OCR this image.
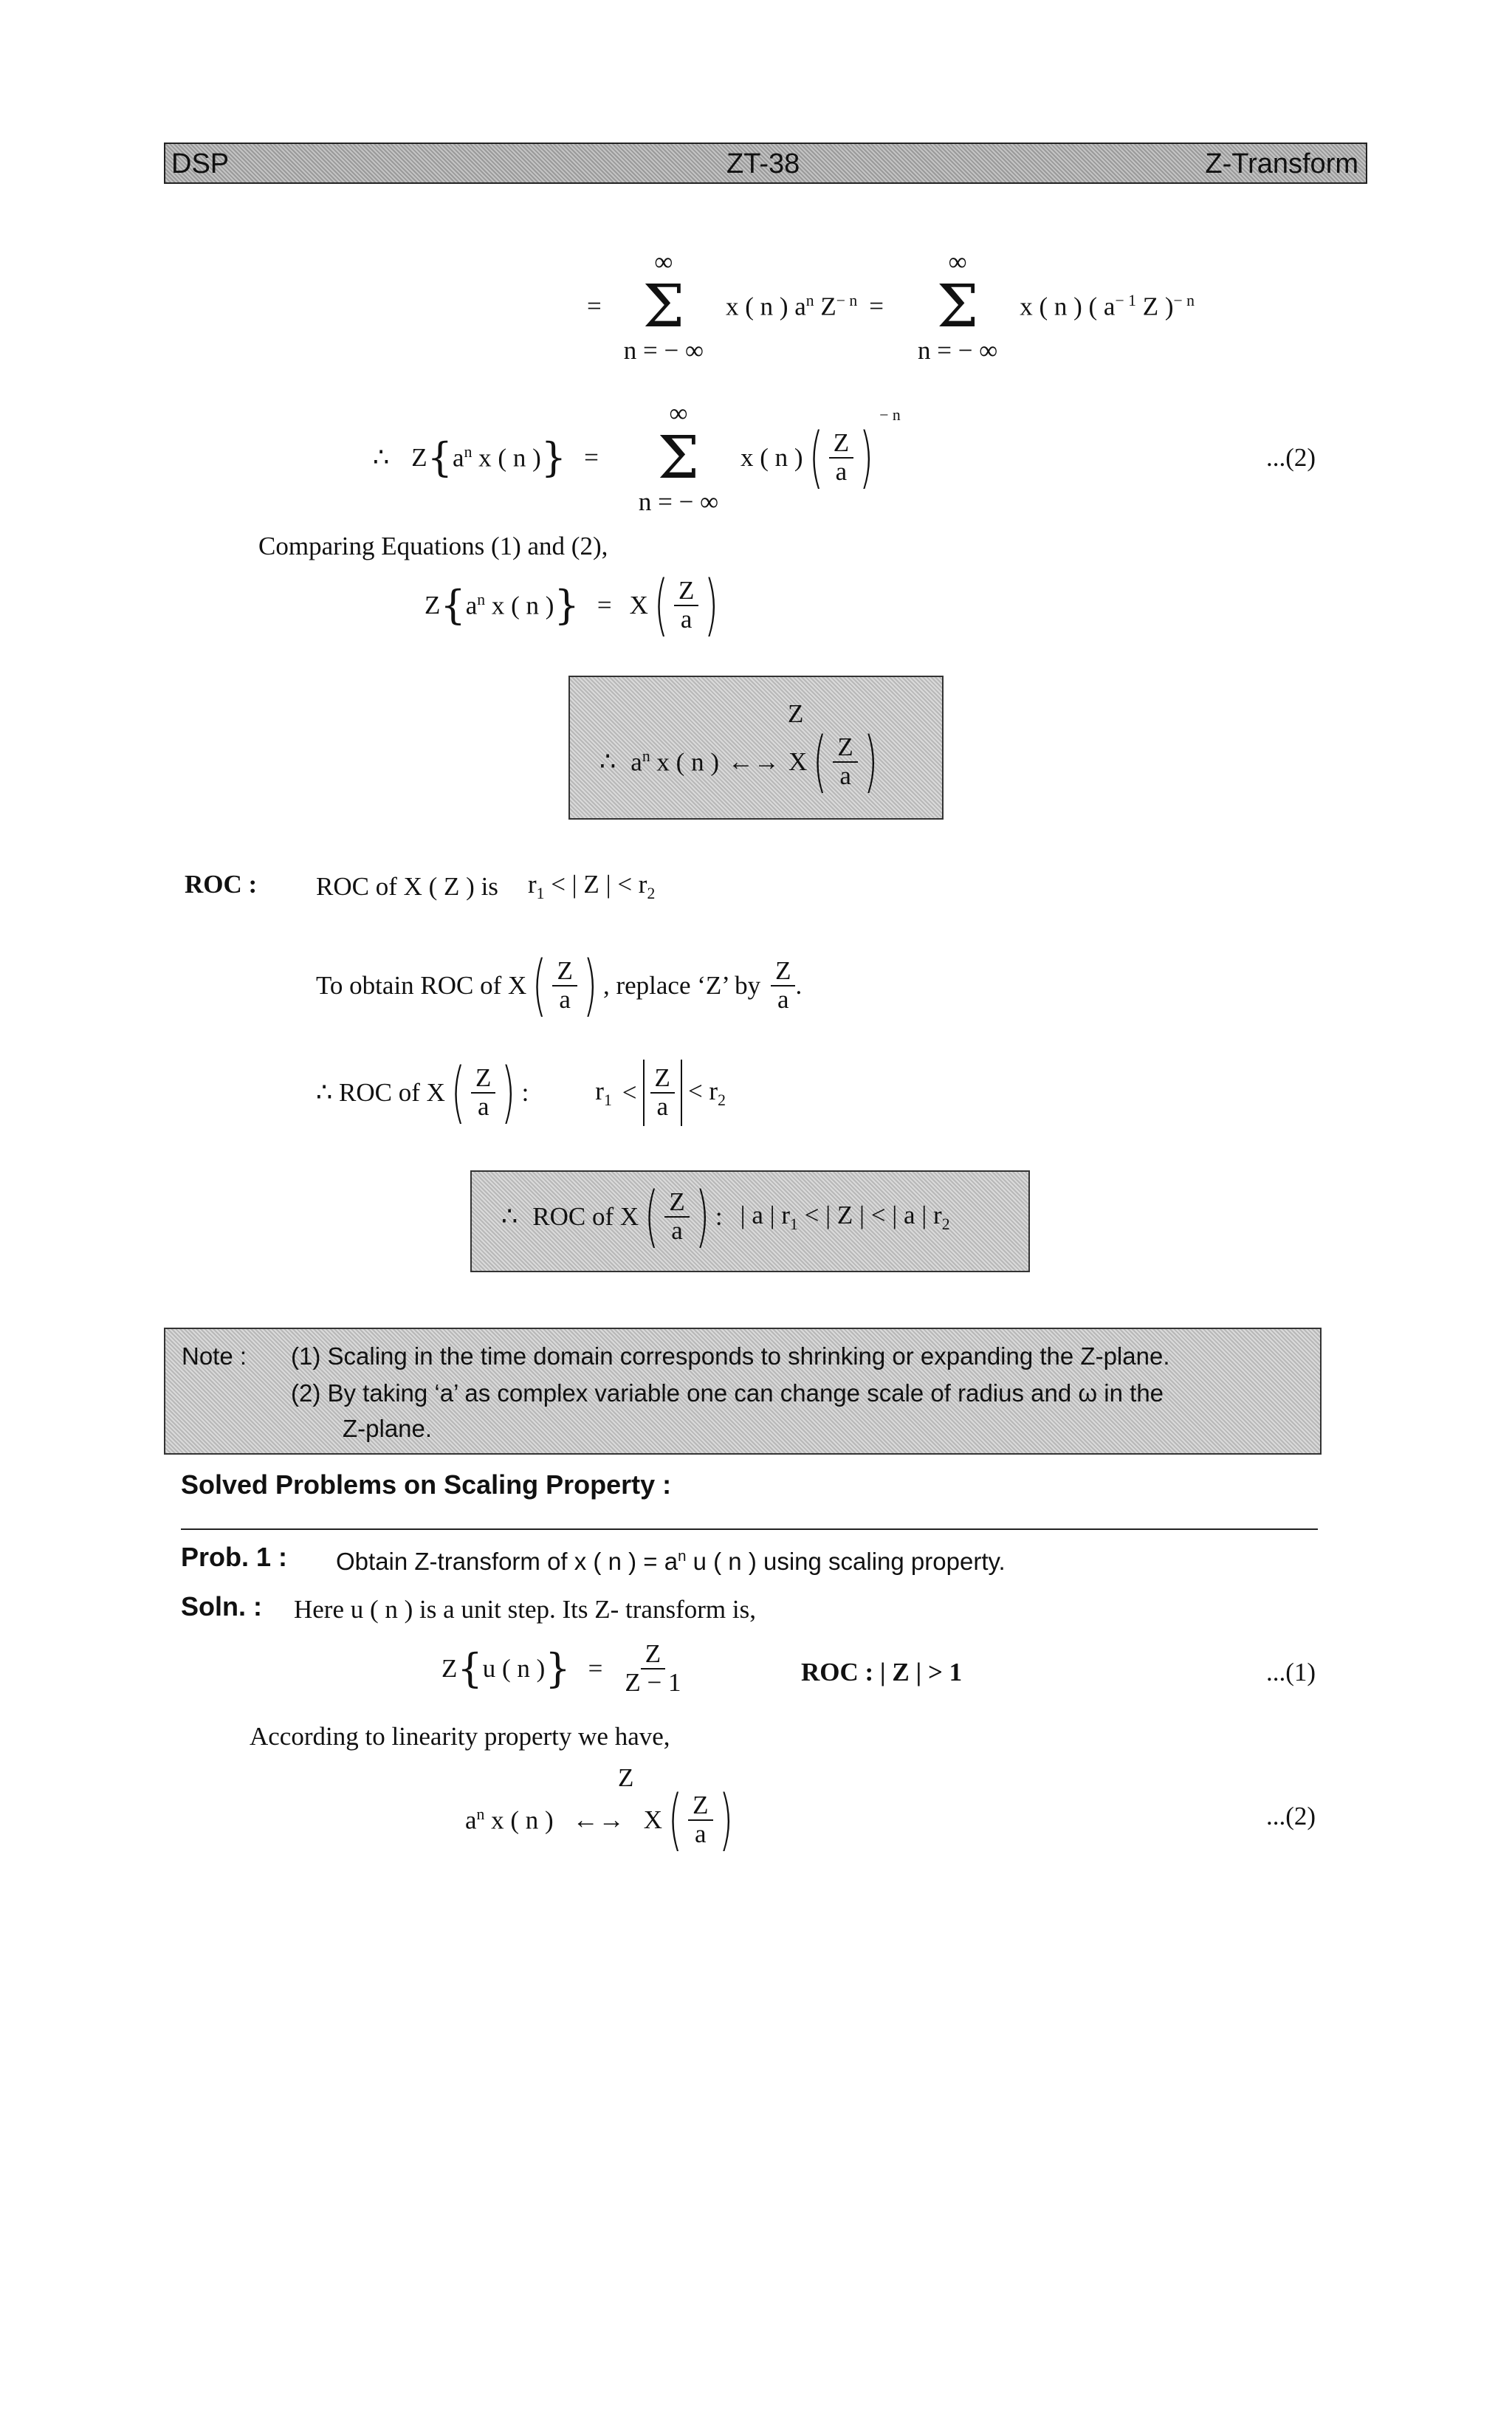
DSP	ZT-38	Z-Transform
=
∞
Σ
n = − ∞
x ( n ) $a^n$ $Z^{- n}$ =
∞
Σ
n = − ∞
x ( n ) ( $a^{- 1}$ Z )$^{- n}$
∴ Z { $a^n$ x ( n ) } =
∞
Σ
n = − ∞
x ( n ) ( $\frac{Z}{a}$ )
− n
...(2)
Comparing Equations (1) and (2),
Z { $a^n$ x ( n ) } = X ( $\frac{Z}{a}$ )
Z
∴ $a^n$ x ( n ) ←→ X ( $\frac{Z}{a}$ )
ROC : ROC of X ( Z ) is $r_1$ < | Z | < $r_2$
To obtain ROC of X ( $\frac{Z}{a}$ ) , replace ‘Z’ by $\frac{Z}{a}$ .
∴ ROC of X ( $\frac{Z}{a}$ ) :	$r_1 < \frac{Z}{a} < r_2$
∴ ROC of X ( $\frac{Z}{a}$ ) : | a | $r_1$ < | Z | < | a | $r_2$
Note : (1) Scaling in the time domain corresponds to shrinking or expanding the Z-plane.
(2) By taking ‘a’ as complex variable one can change scale of radius and ω in the
Z-plane.
Solved Problems on Scaling Property :
Prob. 1 : Obtain Z-transform of x ( n ) = $a^n$ u ( n ) using scaling property.
Soln. : Here u ( n ) is a unit step. Its Z- transform is,
Z { u ( n ) } = $\frac{Z}{Z - 1}$	ROC : | Z | > 1	...(1)
According to linearity property we have,
Z
$a^n$ x ( n ) ←→ X ( $\frac{Z}{a}$ )	...(2)
